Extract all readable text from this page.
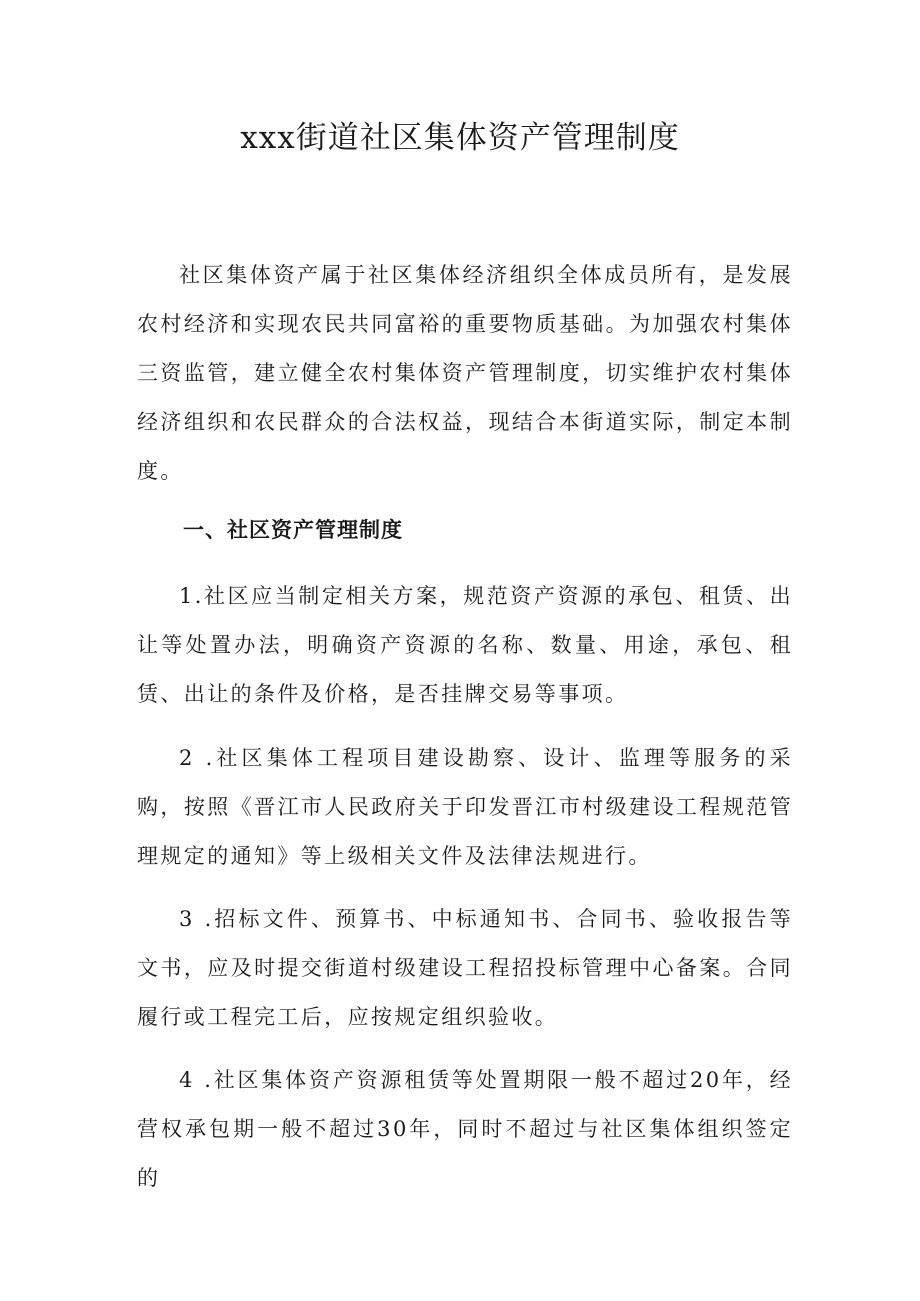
xxx街道社区集体资产管理制度

社区集体资产属于社区集体经济组织全体成员所有，是发展农村经济和实现农民共同富裕的重要物质基础。为加强农村集体三资监管，建立健全农村集体资产管理制度，切实维护农村集体经济组织和农民群众的合法权益，现结合本街道实际，制定本制度。

一、社区资产管理制度

1.社区应当制定相关方案，规范资产资源的承包、租赁、出让等处置办法，明确资产资源的名称、数量、用途，承包、租赁、出让的条件及价格，是否挂牌交易等事项。

2 .社区集体工程项目建设勘察、设计、监理等服务的采购，按照《晋江市人民政府关于印发晋江市村级建设工程规范管理规定的通知》等上级相关文件及法律法规进行。

3 .招标文件、预算书、中标通知书、合同书、验收报告等文书，应及时提交街道村级建设工程招投标管理中心备案。合同履行或工程完工后，应按规定组织验收。

4 .社区集体资产资源租赁等处置期限一般不超过20年，经营权承包期一般不超过30年，同时不超过与社区集体组织签定的
